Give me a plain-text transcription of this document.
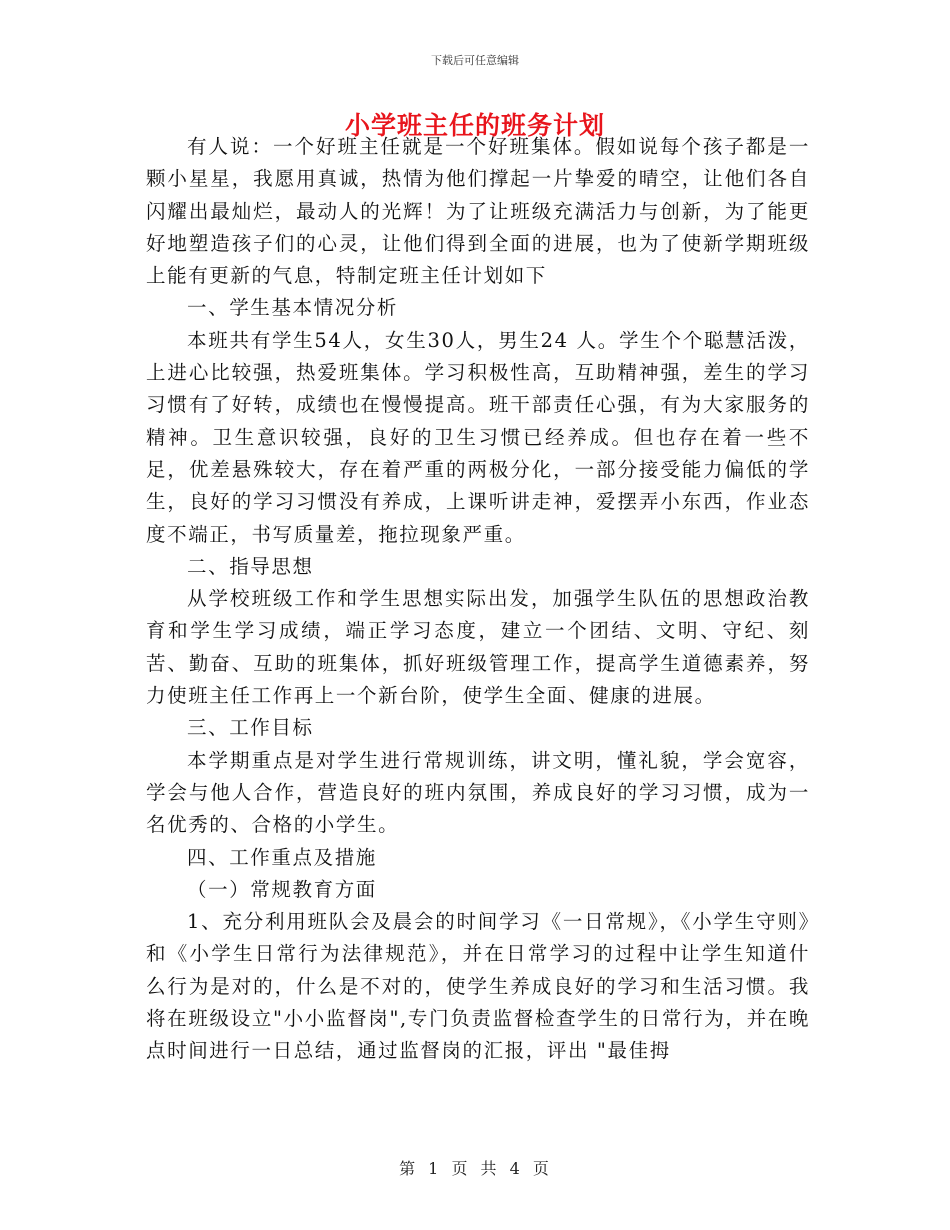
下载后可任意编辑
小学班主任的班务计划

有人说：一个好班主任就是一个好班集体。假如说每个孩子都是一颗小星星，我愿用真诚，热情为他们撑起一片挚爱的晴空，让他们各自闪耀出最灿烂，最动人的光辉！为了让班级充满活力与创新，为了能更好地塑造孩子们的心灵，让他们得到全面的进展，也为了使新学期班级上能有更新的气息，特制定班主任计划如下

一、学生基本情况分析

本班共有学生54人，女生30人，男生24 人。学生个个聪慧活泼，上进心比较强，热爱班集体。学习积极性高，互助精神强，差生的学习习惯有了好转，成绩也在慢慢提高。班干部责任心强，有为大家服务的精神。卫生意识较强，良好的卫生习惯已经养成。但也存在着一些不足，优差悬殊较大，存在着严重的两极分化，一部分接受能力偏低的学生，良好的学习习惯没有养成，上课听讲走神，爱摆弄小东西，作业态度不端正，书写质量差，拖拉现象严重。

二、指导思想

从学校班级工作和学生思想实际出发，加强学生队伍的思想政治教育和学生学习成绩，端正学习态度，建立一个团结、文明、守纪、刻苦、勤奋、互助的班集体，抓好班级管理工作，提高学生道德素养，努力使班主任工作再上一个新台阶，使学生全面、健康的进展。

三、工作目标

本学期重点是对学生进行常规训练，讲文明，懂礼貌，学会宽容，学会与他人合作，营造良好的班内氛围，养成良好的学习习惯，成为一名优秀的、合格的小学生。

四、工作重点及措施

（一）常规教育方面

1、充分利用班队会及晨会的时间学习《一日常规》，《小学生守则》和《小学生日常行为法律规范》，并在日常学习的过程中让学生知道什么行为是对的，什么是不对的，使学生养成良好的学习和生活习惯。我将在班级设立"小小监督岗",专门负责监督检查学生的日常行为，并在晚点时间进行一日总结，通过监督岗的汇报，评出 "最佳拇

第 1 页 共 4 页
